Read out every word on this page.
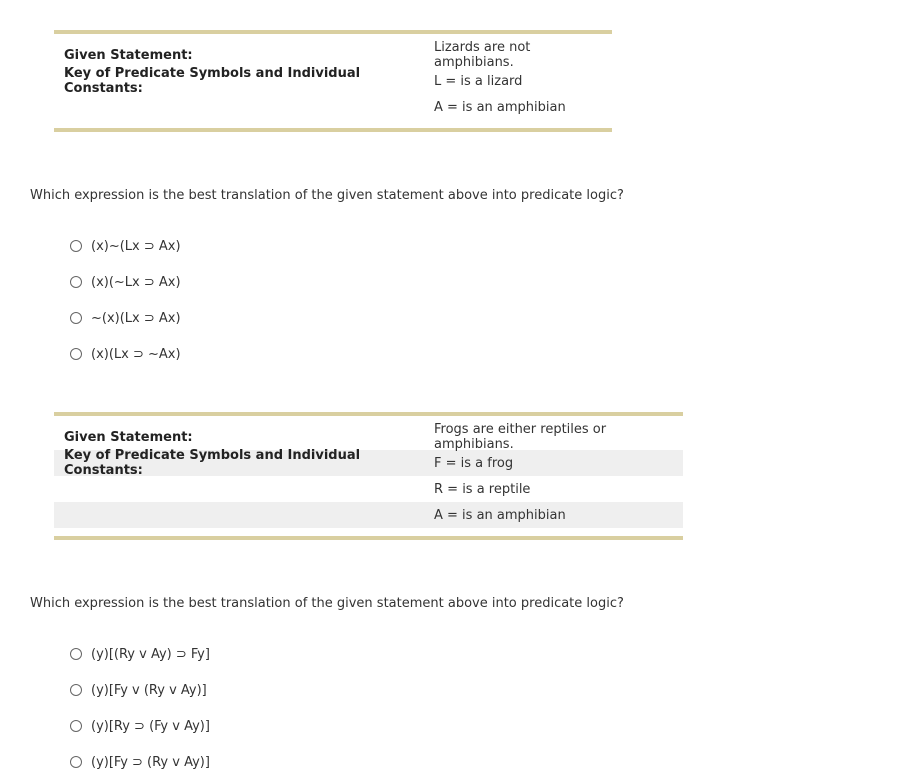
Given Statement:	Lizards are not amphibians.
Key of Predicate Symbols and Individual Constants:	L = is a lizard
A = is an amphibian
Which expression is the best translation of the given statement above into predicate logic?
(x)~(Lx ⊃ Ax)
(x)(~Lx ⊃ Ax)
~(x)(Lx ⊃ Ax)
(x)(Lx ⊃ ~Ax)
Given Statement:	Frogs are either reptiles or amphibians.
Key of Predicate Symbols and Individual Constants:	F = is a frog
R = is a reptile
A = is an amphibian
Which expression is the best translation of the given statement above into predicate logic?
(y)[(Ry v Ay) ⊃ Fy]
(y)[Fy v (Ry v Ay)]
(y)[Ry ⊃ (Fy v Ay)]
(y)[Fy ⊃ (Ry v Ay)]
